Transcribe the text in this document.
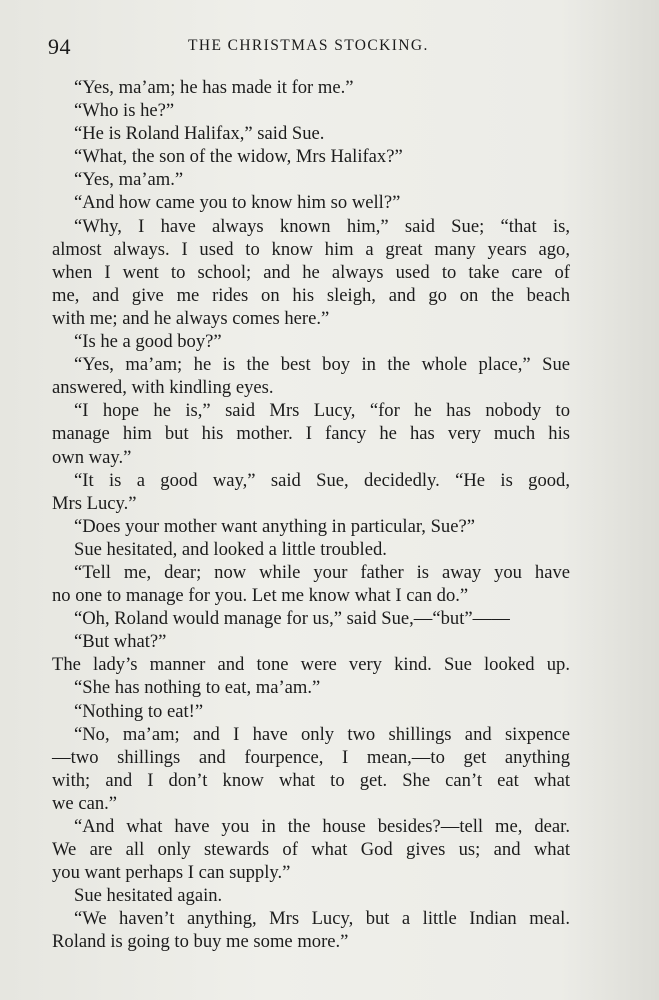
94	THE CHRISTMAS STOCKING.
“Yes, ma’am; he has made it for me.”
“Who is he?”
“He is Roland Halifax,” said Sue.
“What, the son of the widow, Mrs Halifax?”
“Yes, ma’am.”
“And how came you to know him so well?”
“Why, I have always known him,” said Sue; “that is,
almost always. I used to know him a great many years ago,
when I went to school; and he always used to take care of
me, and give me rides on his sleigh, and go on the beach
with me; and he always comes here.”
“Is he a good boy?”
“Yes, ma’am; he is the best boy in the whole place,” Sue
answered, with kindling eyes.
“I hope he is,” said Mrs Lucy, “for he has nobody to
manage him but his mother. I fancy he has very much his
own way.”
“It is a good way,” said Sue, decidedly. “He is good,
Mrs Lucy.”
“Does your mother want anything in particular, Sue?”
Sue hesitated, and looked a little troubled.
“Tell me, dear; now while your father is away you have
no one to manage for you. Let me know what I can do.”
“Oh, Roland would manage for us,” said Sue,—“but”——
“But what?”
The lady’s manner and tone were very kind. Sue looked up.
“She has nothing to eat, ma’am.”
“Nothing to eat!”
“No, ma’am; and I have only two shillings and sixpence
—two shillings and fourpence, I mean,—to get anything
with; and I don’t know what to get. She can’t eat what
we can.”
“And what have you in the house besides?—tell me, dear.
We are all only stewards of what God gives us; and what
you want perhaps I can supply.”
Sue hesitated again.
“We haven’t anything, Mrs Lucy, but a little Indian meal.
Roland is going to buy me some more.”
